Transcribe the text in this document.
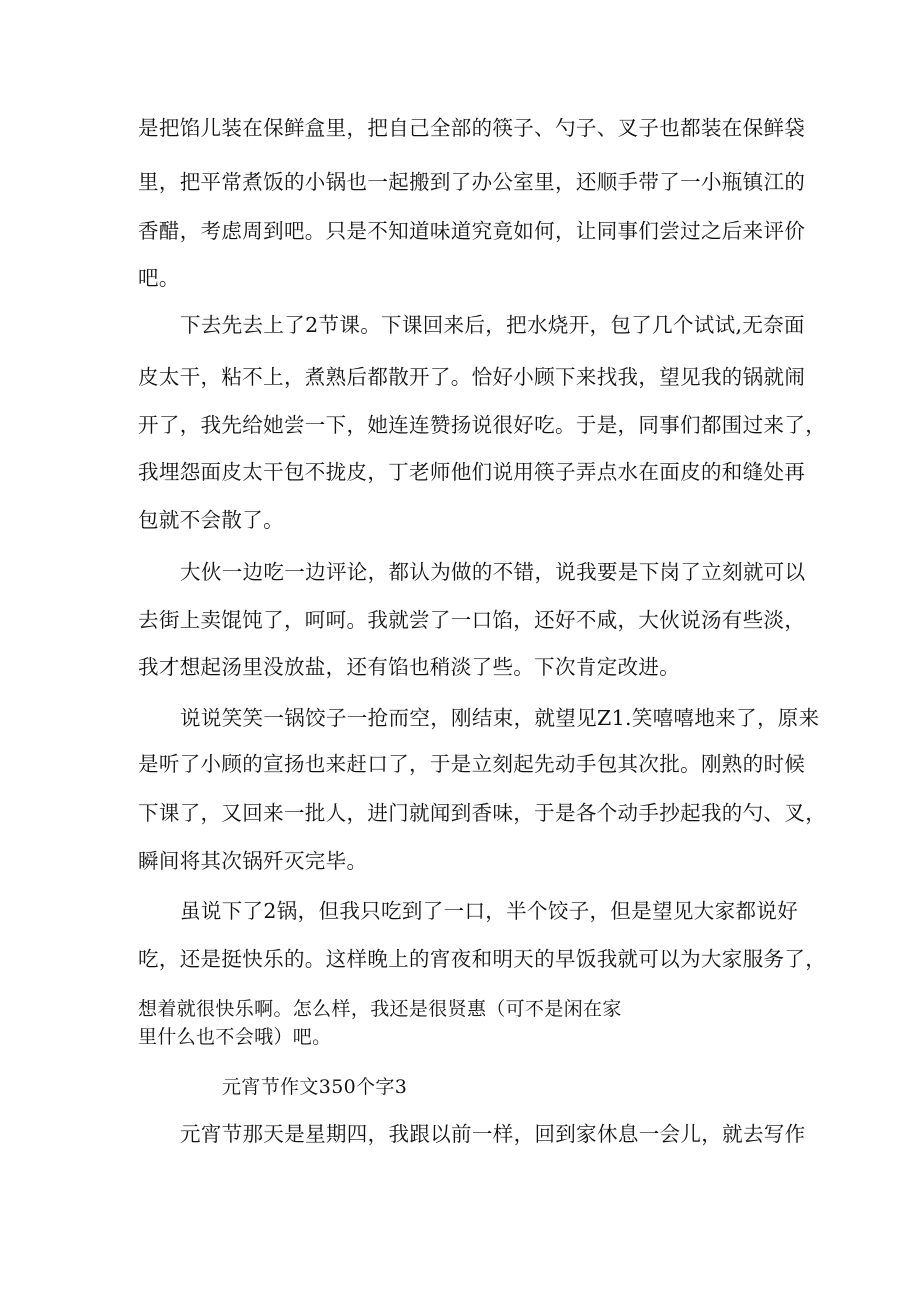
是把馅儿装在保鲜盒里，把自己全部的筷子、勺子、叉子也都装在保鲜袋
里，把平常煮饭的小锅也一起搬到了办公室里，还顺手带了一小瓶镇江的
香醋，考虑周到吧。只是不知道味道究竟如何，让同事们尝过之后来评价
吧。
下去先去上了2节课。下课回来后，把水烧开，包了几个试试,无奈面
皮太干，粘不上，煮熟后都散开了。恰好小顾下来找我，望见我的锅就闹
开了，我先给她尝一下，她连连赞扬说很好吃。于是，同事们都围过来了，
我埋怨面皮太干包不拢皮，丁老师他们说用筷子弄点水在面皮的和缝处再
包就不会散了。
大伙一边吃一边评论，都认为做的不错，说我要是下岗了立刻就可以
去街上卖馄饨了，呵呵。我就尝了一口馅，还好不咸，大伙说汤有些淡，
我才想起汤里没放盐，还有馅也稍淡了些。下次肯定改进。
说说笑笑一锅饺子一抢而空，刚结束，就望见Z1.笑嘻嘻地来了，原来
是听了小顾的宣扬也来赶口了，于是立刻起先动手包其次批。刚熟的时候
下课了，又回来一批人，进门就闻到香味，于是各个动手抄起我的勺、叉，
瞬间将其次锅歼灭完毕。
虽说下了2锅，但我只吃到了一口，半个饺子，但是望见大家都说好
吃，还是挺快乐的。这样晚上的宵夜和明天的早饭我就可以为大家服务了，
想着就很快乐啊。怎么样，我还是很贤惠（可不是闲在家
里什么也不会哦）吧。
元宵节作文350个字3
元宵节那天是星期四，我跟以前一样，回到家休息一会儿，就去写作
